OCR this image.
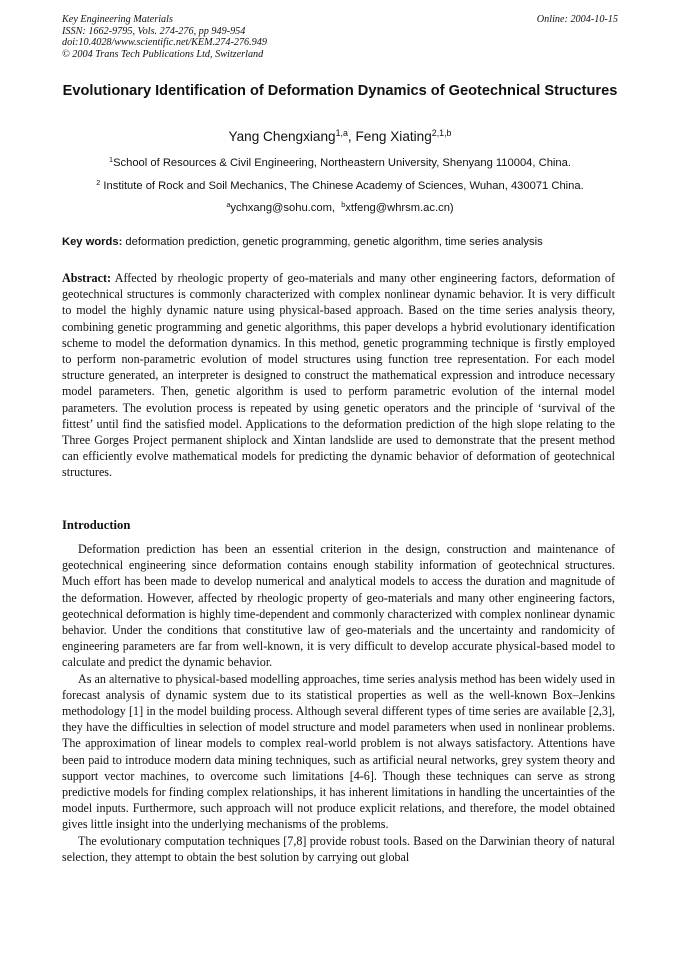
Key Engineering Materials
ISSN: 1662-9795, Vols. 274-276, pp 949-954
doi:10.4028/www.scientific.net/KEM.274-276.949
© 2004 Trans Tech Publications Ltd, Switzerland
Online: 2004-10-15
Evolutionary Identification of Deformation Dynamics of Geotechnical Structures
Yang Chengxiang$^{1,a}$, Feng Xiating$^{2,1,b}$
$^1$School of Resources & Civil Engineering, Northeastern University, Shenyang 110004, China.
$^2$ Institute of Rock and Soil Mechanics, The Chinese Academy of Sciences, Wuhan, 430071 China.
$^a$ychxang@sohu.com, $^b$xtfeng@whrsm.ac.cn)
Key words: deformation prediction, genetic programming, genetic algorithm, time series analysis
Abstract: Affected by rheologic property of geo-materials and many other engineering factors, deformation of geotechnical structures is commonly characterized with complex nonlinear dynamic behavior. It is very difficult to model the highly dynamic nature using physical-based approach. Based on the time series analysis theory, combining genetic programming and genetic algorithms, this paper develops a hybrid evolutionary identification scheme to model the deformation dynamics. In this method, genetic programming technique is firstly employed to perform non-parametric evolution of model structures using function tree representation. For each model structure generated, an interpreter is designed to construct the mathematical expression and introduce necessary model parameters. Then, genetic algorithm is used to perform parametric evolution of the internal model parameters. The evolution process is repeated by using genetic operators and the principle of ‘survival of the fittest’ until find the satisfied model. Applications to the deformation prediction of the high slope relating to the Three Gorges Project permanent shiplock and Xintan landslide are used to demonstrate that the present method can efficiently evolve mathematical models for predicting the dynamic behavior of deformation of geotechnical structures.
Introduction

Deformation prediction has been an essential criterion in the design, construction and maintenance of geotechnical engineering since deformation contains enough stability information of geotechnical structures. Much effort has been made to develop numerical and analytical models to access the duration and magnitude of the deformation. However, affected by rheologic property of geo-materials and many other engineering factors, geotechnical deformation is highly time-dependent and commonly characterized with complex nonlinear dynamic behavior. Under the conditions that constitutive law of geo-materials and the uncertainty and randomicity of engineering parameters are far from well-known, it is very difficult to develop accurate physical-based model to calculate and predict the dynamic behavior.

As an alternative to physical-based modelling approaches, time series analysis method has been widely used in forecast analysis of dynamic system due to its statistical properties as well as the well-known Box–Jenkins methodology [1] in the model building process. Although several different types of time series are available [2,3], they have the difficulties in selection of model structure and model parameters when used in nonlinear problems. The approximation of linear models to complex real-world problem is not always satisfactory. Attentions have been paid to introduce modern data mining techniques, such as artificial neural networks, grey system theory and support vector machines, to overcome such limitations [4-6]. Though these techniques can serve as strong predictive models for finding complex relationships, it has inherent limitations in handling the uncertainties of the model inputs. Furthermore, such approach will not produce explicit relations, and therefore, the model obtained gives little insight into the underlying mechanisms of the problems.

The evolutionary computation techniques [7,8] provide robust tools. Based on the Darwinian theory of natural selection, they attempt to obtain the best solution by carrying out global
